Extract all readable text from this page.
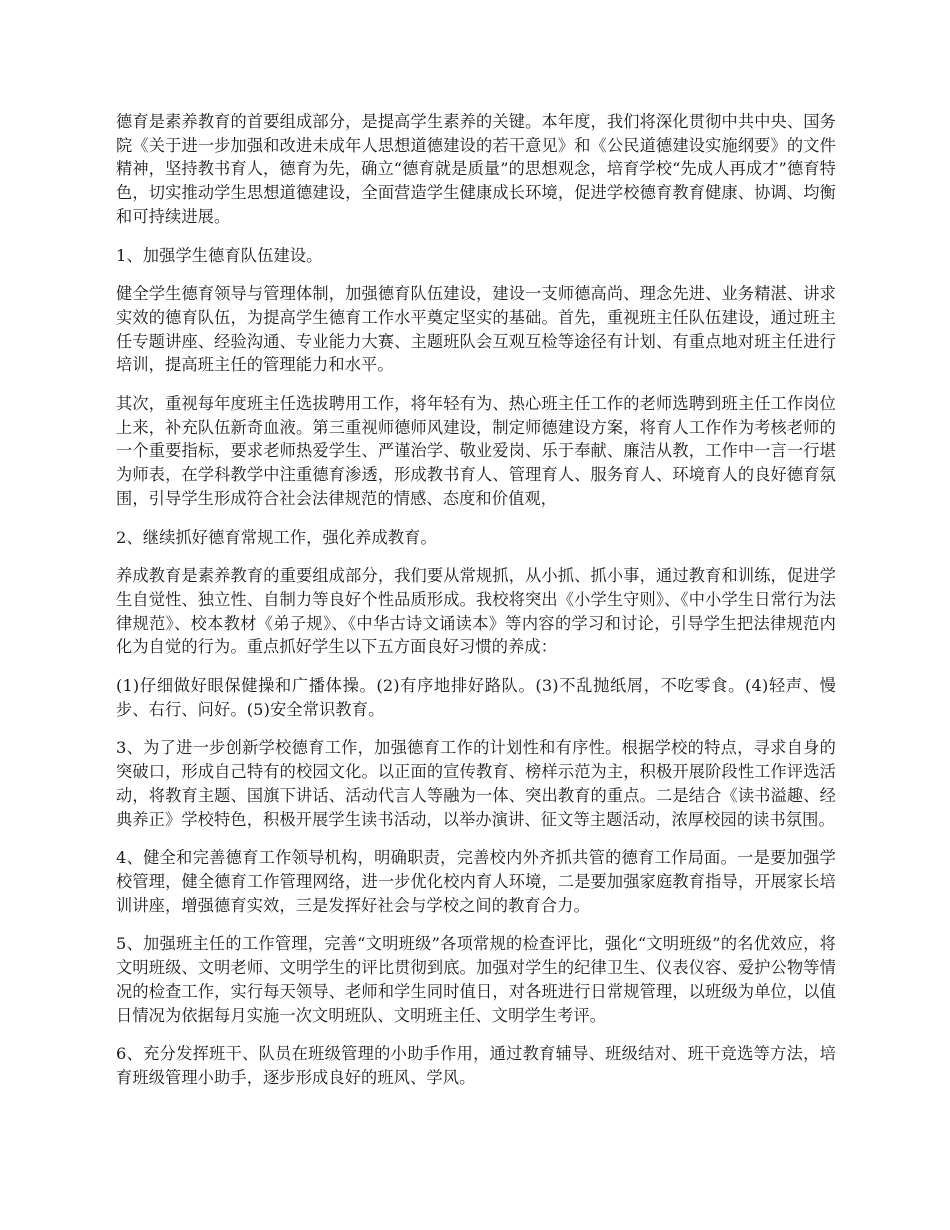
德育是素养教育的首要组成部分，是提高学生素养的关键。本年度，我们将深化贯彻中共中央、国务院《关于进一步加强和改进未成年人思想道德建设的若干意见》和《公民道德建设实施纲要》的文件精神，坚持教书育人，德育为先，确立“德育就是质量”的思想观念，培育学校“先成人再成才”德育特色，切实推动学生思想道德建设，全面营造学生健康成长环境，促进学校德育教育健康、协调、均衡和可持续进展。

1、加强学生德育队伍建设。

健全学生德育领导与管理体制，加强德育队伍建设，建设一支师德高尚、理念先进、业务精湛、讲求实效的德育队伍，为提高学生德育工作水平奠定坚实的基础。首先，重视班主任队伍建设，通过班主任专题讲座、经验沟通、专业能力大赛、主题班队会互观互检等途径有计划、有重点地对班主任进行培训，提高班主任的管理能力和水平。

其次，重视每年度班主任选拔聘用工作，将年轻有为、热心班主任工作的老师选聘到班主任工作岗位上来，补充队伍新奇血液。第三重视师德师风建设，制定师德建设方案，将育人工作作为考核老师的一个重要指标，要求老师热爱学生、严谨治学、敬业爱岗、乐于奉献、廉洁从教，工作中一言一行堪为师表，在学科教学中注重德育渗透，形成教书育人、管理育人、服务育人、环境育人的良好德育氛围，引导学生形成符合社会法律规范的情感、态度和价值观，

2、继续抓好德育常规工作，强化养成教育。

养成教育是素养教育的重要组成部分，我们要从常规抓，从小抓、抓小事，通过教育和训练，促进学生自觉性、独立性、自制力等良好个性品质形成。我校将突出《小学生守则》、《中小学生日常行为法律规范》、校本教材《弟子规》、《中华古诗文诵读本》等内容的学习和讨论，引导学生把法律规范内化为自觉的行为。重点抓好学生以下五方面良好习惯的养成：

(1)仔细做好眼保健操和广播体操。(2)有序地排好路队。(3)不乱抛纸屑，不吃零食。(4)轻声、慢步、右行、问好。(5)安全常识教育。

3、为了进一步创新学校德育工作，加强德育工作的计划性和有序性。根据学校的特点，寻求自身的突破口，形成自己特有的校园文化。以正面的宣传教育、榜样示范为主，积极开展阶段性工作评选活动，将教育主题、国旗下讲话、活动代言人等融为一体、突出教育的重点。二是结合《读书溢趣、经典养正》学校特色，积极开展学生读书活动，以举办演讲、征文等主题活动，浓厚校园的读书氛围。

4、健全和完善德育工作领导机构，明确职责，完善校内外齐抓共管的德育工作局面。一是要加强学校管理，健全德育工作管理网络，进一步优化校内育人环境，二是要加强家庭教育指导，开展家长培训讲座，增强德育实效，三是发挥好社会与学校之间的教育合力。

5、加强班主任的工作管理，完善“文明班级”各项常规的检查评比，强化“文明班级”的名优效应，将文明班级、文明老师、文明学生的评比贯彻到底。加强对学生的纪律卫生、仪表仪容、爱护公物等情况的检查工作，实行每天领导、老师和学生同时值日，对各班进行日常规管理，以班级为单位，以值日情况为依据每月实施一次文明班队、文明班主任、文明学生考评。

6、充分发挥班干、队员在班级管理的小助手作用，通过教育辅导、班级结对、班干竞选等方法，培育班级管理小助手，逐步形成良好的班风、学风。
